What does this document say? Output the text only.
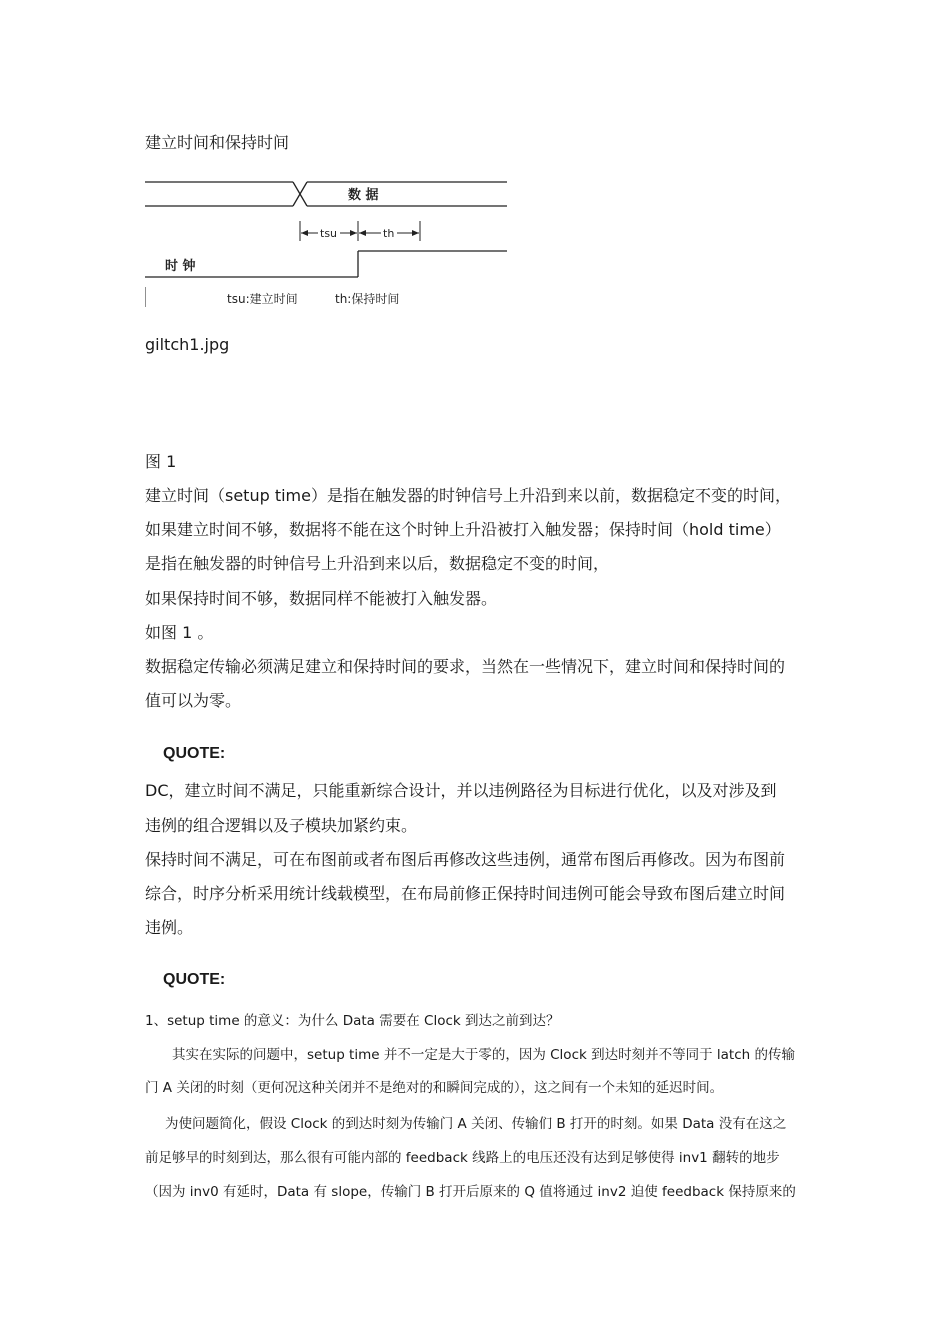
建立时间和保持时间
数 据
tsu	th
时 钟
tsu:建立时间	th:保持时间
giltch1.jpg
图 1
建立时间（setup time）是指在触发器的时钟信号上升沿到来以前，数据稳定不变的时间，
如果建立时间不够，数据将不能在这个时钟上升沿被打入触发器；保持时间（hold time）
是指在触发器的时钟信号上升沿到来以后，数据稳定不变的时间，
如果保持时间不够，数据同样不能被打入触发器。
如图 1 。
数据稳定传输必须满足建立和保持时间的要求，当然在一些情况下，建立时间和保持时间的
值可以为零。
QUOTE:
DC，建立时间不满足，只能重新综合设计，并以违例路径为目标进行优化，以及对涉及到
违例的组合逻辑以及子模块加紧约束。
保持时间不满足，可在布图前或者布图后再修改这些违例，通常布图后再修改。因为布图前
综合，时序分析采用统计线载模型，在布局前修正保持时间违例可能会导致布图后建立时间
违例。
QUOTE:
1、setup time 的意义：为什么 Data 需要在 Clock 到达之前到达？
其实在实际的问题中，setup time 并不一定是大于零的，因为 Clock 到达时刻并不等同于 latch 的传输
门 A 关闭的时刻（更何况这种关闭并不是绝对的和瞬间完成的），这之间有一个未知的延迟时间。
为使问题简化，假设 Clock 的到达时刻为传输门 A 关闭、传输们 B 打开的时刻。如果 Data 没有在这之
前足够早的时刻到达，那么很有可能内部的 feedback 线路上的电压还没有达到足够使得 inv1 翻转的地步
（因为 inv0 有延时，Data 有 slope，传输门 B 打开后原来的 Q 值将通过 inv2 迫使 feedback 保持原来的
